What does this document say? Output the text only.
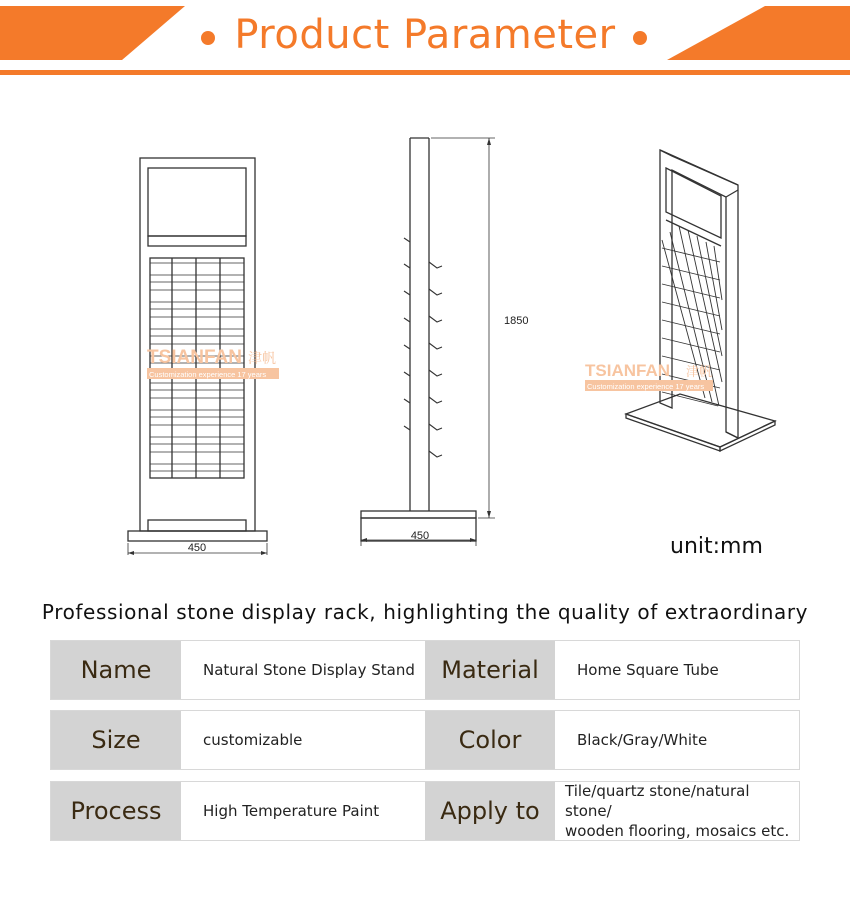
Product Parameter
450
TSIANFAN 津帆
Customization experience 17 years
1850
450
TSIANFAN 津帆
Customization experience 17 years
unit:mm
Professional stone display rack, highlighting the quality of extraordinary
Name	Natural Stone Display Stand	Material	Home Square Tube
Size	customizable	Color	Black/Gray/White
Process	High Temperature Paint	Apply to
Tile/quartz stone/natural stone/
wooden flooring, mosaics etc.
